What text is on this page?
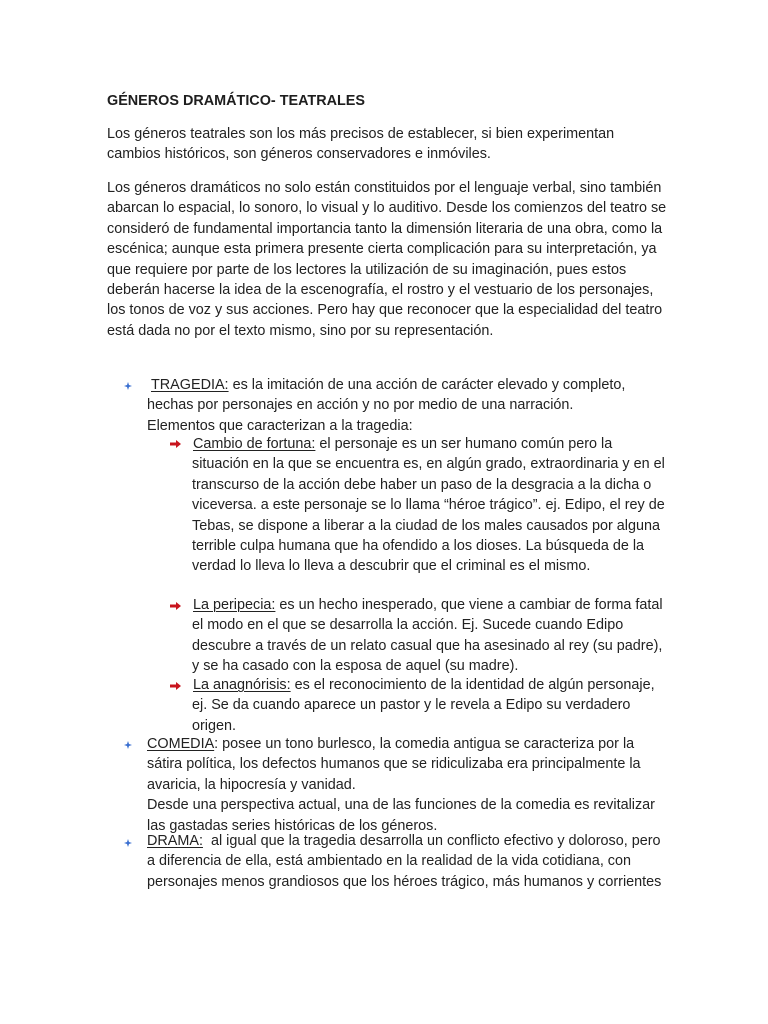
GÉNEROS DRAMÁTICO- TEATRALES

Los géneros teatrales son los más precisos de establecer, si bien experimentan cambios históricos, son géneros conservadores e inmóviles.

Los géneros dramáticos no solo están constituidos por el lenguaje verbal, sino también abarcan lo espacial, lo sonoro, lo visual y lo auditivo. Desde los comienzos del teatro se consideró de fundamental importancia tanto la dimensión literaria de una obra, como la escénica; aunque esta primera presente cierta complicación para su interpretación, ya que requiere por parte de los lectores la utilización de su imaginación, pues estos deberán hacerse la idea de la escenografía, el rostro y el vestuario de los personajes, los tonos de voz y sus acciones. Pero hay que reconocer que la especialidad del teatro está dada no por el texto mismo, sino por su representación.

TRAGEDIA: es la imitación de una acción de carácter elevado y completo, hechas por personajes en acción y no por medio de una narración.
Elementos que caracterizan a la tragedia:
Cambio de fortuna: el personaje es un ser humano común pero la situación en la que se encuentra es, en algún grado, extraordinaria y en el transcurso de la acción debe haber un paso de la desgracia a la dicha o viceversa. a este personaje se lo llama “héroe trágico”. ej. Edipo, el rey de Tebas, se dispone a liberar a la ciudad de los males causados por alguna terrible culpa humana que ha ofendido a los dioses. La búsqueda de la verdad lo lleva lo lleva a descubrir que el criminal es el mismo.
La peripecia: es un hecho inesperado, que viene a cambiar de forma fatal el modo en el que se desarrolla la acción. Ej. Sucede cuando Edipo descubre a través de un relato casual que ha asesinado al rey (su padre), y se ha casado con la esposa de aquel (su madre).
La anagnórisis: es el reconocimiento de la identidad de algún personaje, ej. Se da cuando aparece un pastor y le revela a Edipo su verdadero origen.
COMEDIA: posee un tono burlesco, la comedia antigua se caracteriza por la sátira política, los defectos humanos que se ridiculizaba era principalmente la avaricia, la hipocresía y vanidad.
Desde una perspectiva actual, una de las funciones de la comedia es revitalizar las gastadas series históricas de los géneros.
DRAMA: al igual que la tragedia desarrolla un conflicto efectivo y doloroso, pero a diferencia de ella, está ambientado en la realidad de la vida cotidiana, con personajes menos grandiosos que los héroes trágico, más humanos y corrientes
